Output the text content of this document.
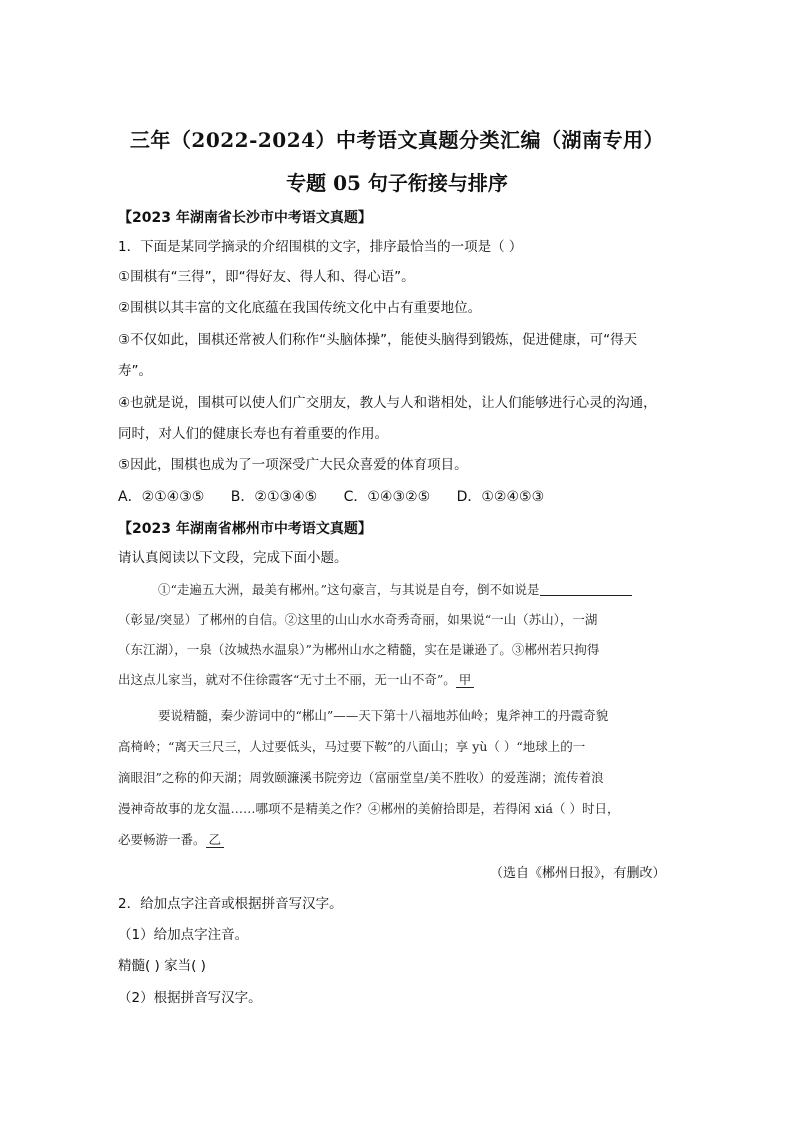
三年（2022-2024）中考语文真题分类汇编（湖南专用）
专题 05 句子衔接与排序
【2023 年湖南省长沙市中考语文真题】
1．下面是某同学摘录的介绍围棋的文字，排序最恰当的一项是（ ）
①围棋有“三得”，即“得好友、得人和、得心语”。
②围棋以其丰富的文化底蕴在我国传统文化中占有重要地位。
③不仅如此，围棋还常被人们称作“头脑体操”，能使头脑得到锻炼，促进健康，可“得天
寿”。
④也就是说，围棋可以使人们广交朋友，教人与人和谐相处，让人们能够进行心灵的沟通，
同时，对人们的健康长寿也有着重要的作用。
⑤因此，围棋也成为了一项深受广大民众喜爱的体育项目。
A．②①④③⑤ B．②①③④⑤ C．①④③②⑤ D．①②④⑤③
【2023 年湖南省郴州市中考语文真题】
请认真阅读以下文段，完成下面小题。
①“走遍五大洲，最美有郴州。”这句豪言，与其说是自夸，倒不如说是
（彰显/突显）了郴州的自信。②这里的山山水水奇秀奇丽，如果说“一山（苏山），一湖
（东江湖），一泉（汝城热水温泉）”为郴州山水之精髓，实在是谦逊了。③郴州若只拘得
出这点儿家当，就对不住徐霞客“无寸土不丽，无一山不奇”。 甲
要说精髓，秦少游词中的“郴山”——天下第十八福地苏仙岭；鬼斧神工的丹霞奇貌
高椅岭；“离天三尺三，人过要低头，马过要下鞍”的八面山；享 yù（ ）“地球上的一
滴眼泪”之称的仰天湖；周敦颐濂溪书院旁边（富丽堂皇/美不胜收）的爱莲湖；流传着浪
漫神奇故事的龙女温……哪项不是精美之作？④郴州的美俯拾即是，若得闲 xiá（ ）时日，
必要畅游一番。 乙
（选自《郴州日报》，有删改）
2．给加点字注音或根据拼音写汉字。
（1）给加点字注音。
精髓( ) 家当( )
（2）根据拼音写汉字。
